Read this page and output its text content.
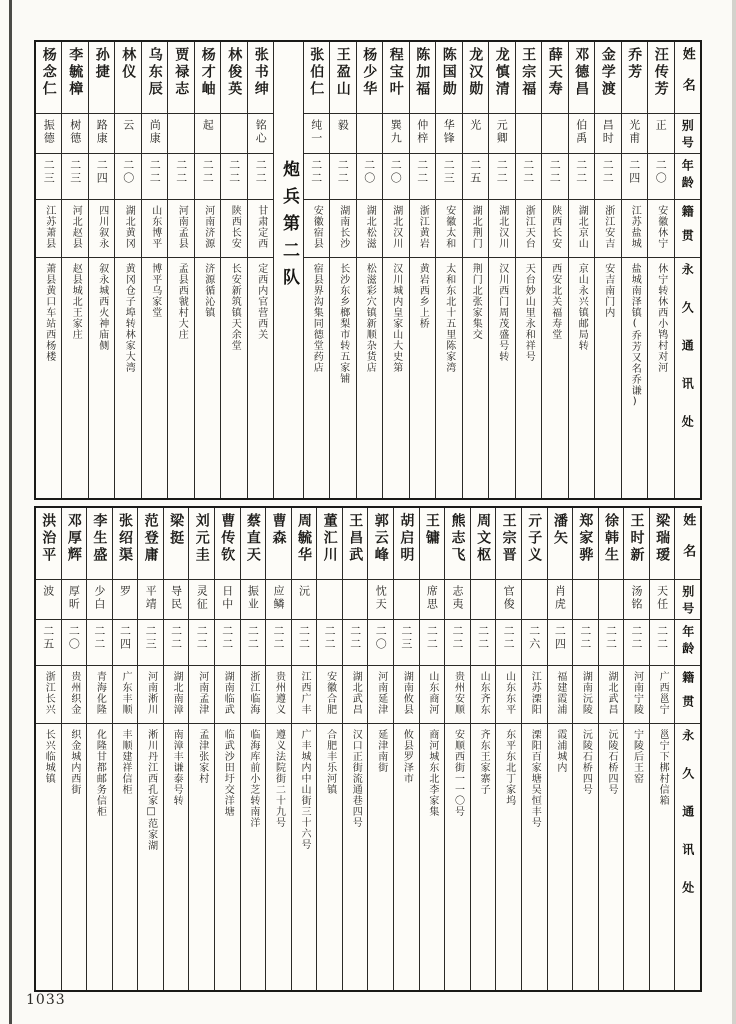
姓名
别号
年龄
籍贯
永久通讯处
汪传芳
正
二〇
安徽休宁
休宁转休西小鸨村对河
乔芳
光甫
二四
江苏盐城
盐城南泽镇(乔芳又名乔谦)
金学渡
昌时
二二
浙江安吉
安吉南门内
邓德昌
伯禹
二二
湖北京山
京山永兴镇邮局转
薛天寿
二二
陕西长安
西安北关福寿堂
王宗福
二二
浙江天台
天台妙山里永和祥号
龙慎清
元卿
二二
湖北汉川
汉川西门周茂盛号转
龙汉勋
光
二五
湖北荆门
荆门北张家集交
陈国勋
华锋
二三
安徽太和
太和东北十五里陈家湾
陈加福
仲梓
二二
浙江黄岩
黄岩西乡上桥
程宝叶
巽九
二〇
湖北汉川
汉川城内皇家山大史第
杨少华
二〇
湖北松滋
松滋彩穴镇新顺杂货店
王盈山
毅
二二
湖南长沙
长沙东乡榔梨市转五家铺
张伯仁
纯一
二二
安徽宿县
宿县界沟集同德堂药店
炮兵第二队
张书绅
铭心
二二
甘肃定西
定西内官营西关
林俊英
二二
陕西长安
长安新筑镇天余堂
杨才岫
起
二二
河南济源
济源循沁镇
贾禄志
二二
河南孟县
孟县西虢村大庄
乌东辰
尚康
二二
山东博平
博平乌家堂
林仪
云
二〇
湖北黄冈
黄冈仓子埠转林家大湾
孙捷
路康
二四
四川叙永
叙永城西火神庙侧
李毓樟
树德
二三
河北赵县
赵县城北王家庄
杨念仁
振德
二三
江苏萧县
萧县黄口车站西杨楼
姓名
别号
年龄
籍贯
永久通讯处
梁瑞瑷
天任
二二
广西邕宁
邕宁下梆村信箱
王时新
汤铭
二二
河南宁陵
宁陵后王窑
徐韩生
二二
湖北武昌
沅陵石桥四号
郑家骅
二二
湖南沅陵
沅陵石桥四号
潘矢
肖虎
二四
福建霞浦
霞浦城内
亓子义
二六
江苏溧阳
溧阳百家塘吴恒丰号
王宗晋
官俊
二二
山东东平
东平东北丁家坞
周文枢
二二
山东齐东
齐东王家寨子
熊志飞
志夷
二二
贵州安顺
安顺西街一一〇号
王镛
席思
二二
山东商河
商河城东北李家集
胡启明
二三
湖南攸县
攸县罗泽市
郭云峰
忱天
二〇
河南延津
延津南街
王昌武
二二
湖北武昌
汉口正街流通巷四号
董汇川
二二
安徽合肥
合肥丰乐河镇
周毓华
沅
二二
江西广丰
广丰城内中山街三十六号
曹森
应鳞
二二
贵州遵义
遵义法院街二十九号
蔡直天
振业
二二
浙江临海
临海库前小芝转南洋
曹传钦
日中
二二
湖南临武
临武沙田圩交洋塘
刘元圭
灵征
二二
河南孟津
孟津张家村
梁挺
导民
二二
湖北南漳
南漳丰谦泰号转
范登庸
平靖
二三
河南淅川
淅川丹江西孔家□范家湖
张绍渠
罗
二四
广东丰顺
丰顺建祥信柜
李生盛
少白
二二
青海化隆
化隆甘都邮务信柜
邓厚辉
厚昕
二〇
贵州织金
织金城内西街
洪治平
波
二五
浙江长兴
长兴临城镇
1033
